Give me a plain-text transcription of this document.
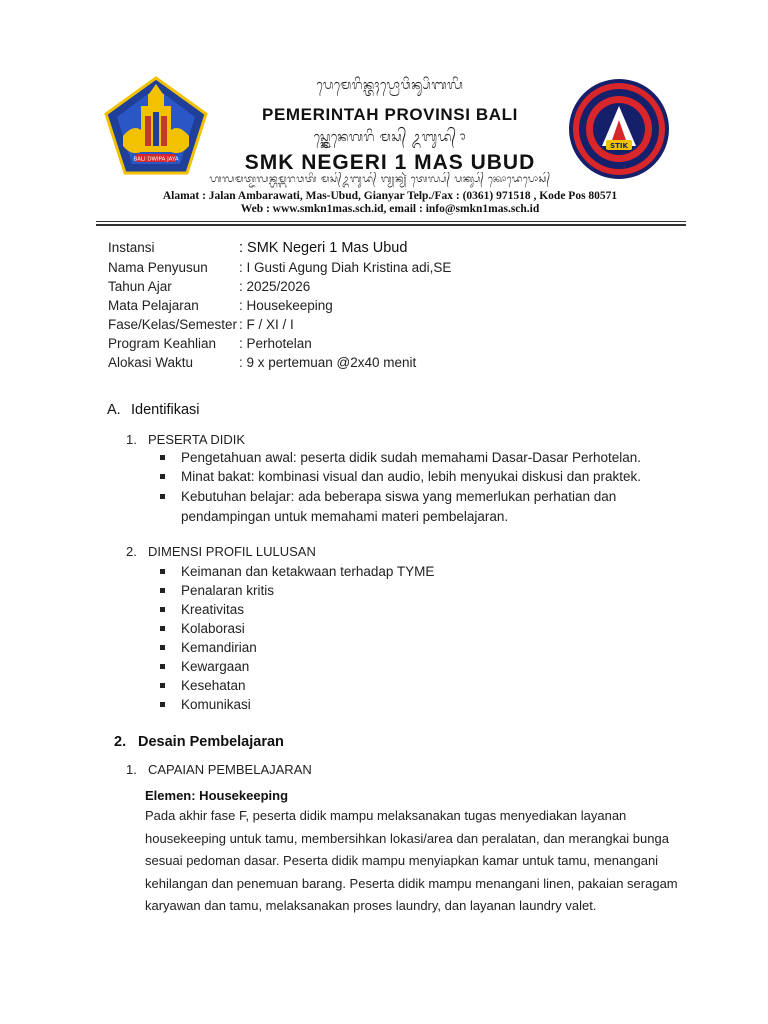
BALI DWIPA JAYA
ᬧᬾᬫᬾᬭᬶᬦ᭄ᬢᬄᬧ᭄ᬭᭀᬯᬶᬦ᭄ᬲᬶᬩᬮᬶ
PEMERINTAH PROVINSI BALI
ᬲ᭄ᬫ᭄ᬓᬾᬦᬾᬕᬭᬶ ᬫᬲ᭄ ᬉᬩᬸᬤ᭄ ᬵ
SMK NEGERI 1 MAS UBUD
ᬳᬮᬫᬢ᭄ᬚᬮᬦ᭄ᬳᬫ᭄ᬩᬭᬯᬢᬶ ᬫᬲ᭄ᬉᬩᬸᬤ᭄ ᬕ᭄ᬬᬦ᭄ᬬᬃ ᬢᬾᬮ᭄ᬧ᭄ ᬧᬓ᭄ᬲ᭄ ᬓᭀᬤᬾᬧᭀᬲ᭄
Alamat : Jalan Ambarawati, Mas-Ubud, Gianyar Telp./Fax : (0361) 971518 , Kode Pos 80571
Web : www.smkn1mas.sch.id, email : info@smkn1mas.sch.id
STIK
Instansi	: SMK Negeri 1 Mas Ubud
Nama Penyusun	: I Gusti Agung Diah Kristina adi,SE
Tahun Ajar	: 2025/2026
Mata Pelajaran	: Housekeeping
Fase/Kelas/Semester : F / XI / I
Program Keahlian	: Perhotelan
Alokasi Waktu	: 9 x pertemuan @2x40 menit
A. Identifikasi
1. PESERTA DIDIK
Pengetahuan awal: peserta didik sudah memahami Dasar-Dasar Perhotelan.
Minat bakat: kombinasi visual dan audio, lebih menyukai diskusi dan praktek.
Kebutuhan belajar: ada beberapa siswa yang memerlukan perhatian dan pendampingan untuk memahami materi pembelajaran.
2. DIMENSI PROFIL LULUSAN
Keimanan dan ketakwaan terhadap TYME
Penalaran kritis
Kreativitas
Kolaborasi
Kemandirian
Kewargaan
Kesehatan
Komunikasi
2. Desain Pembelajaran
1. CAPAIAN PEMBELAJARAN
Elemen: Housekeeping
Pada akhir fase F, peserta didik mampu melaksanakan tugas menyediakan layanan housekeeping untuk tamu, membersihkan lokasi/area dan peralatan, dan merangkai bunga sesuai pedoman dasar. Peserta didik mampu menyiapkan kamar untuk tamu, menangani kehilangan dan penemuan barang. Peserta didik mampu menangani linen, pakaian seragam karyawan dan tamu, melaksanakan proses laundry, dan layanan laundry valet.
